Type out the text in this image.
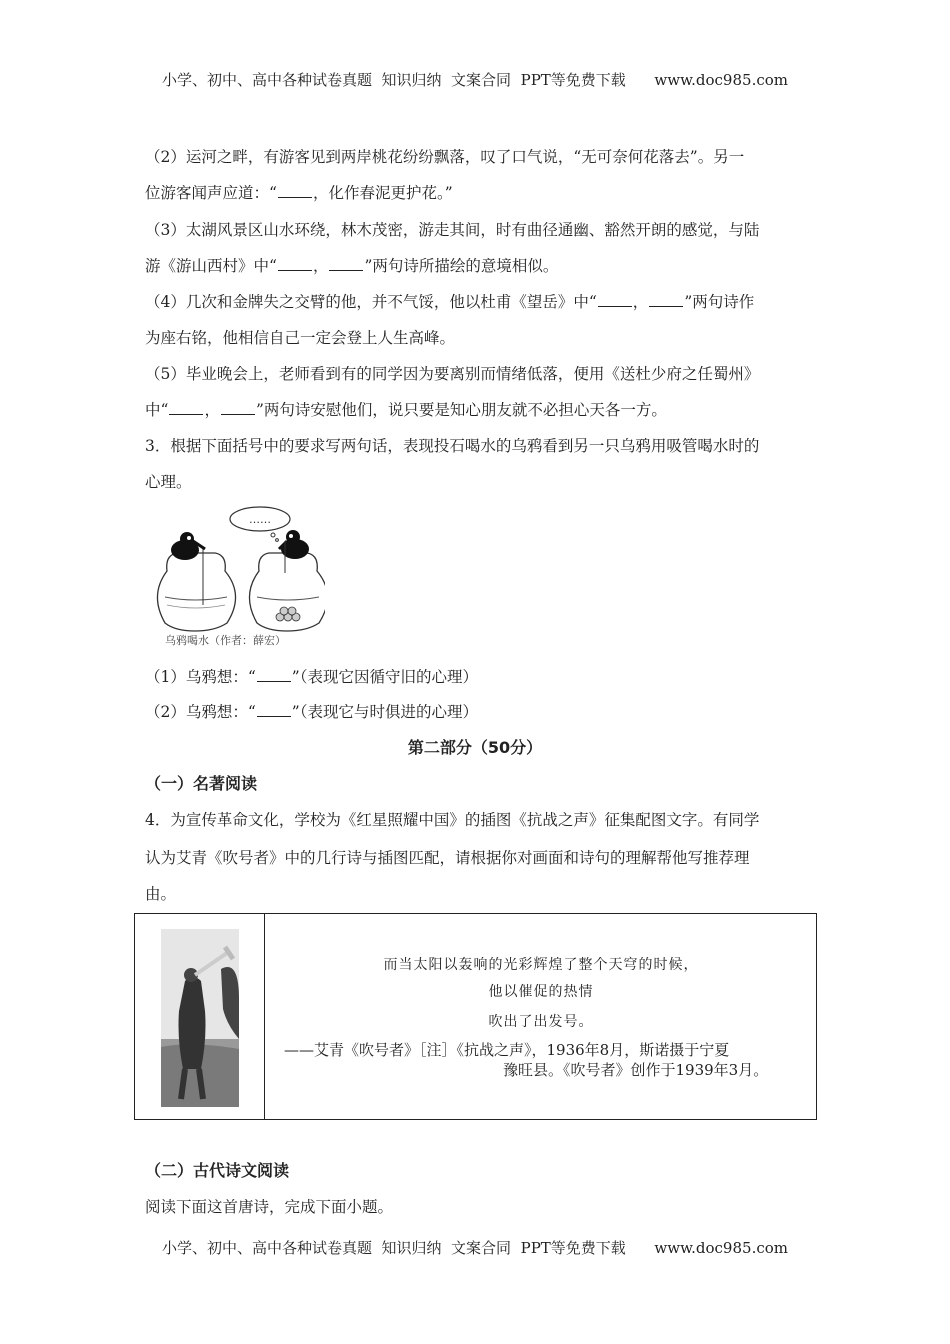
小学、初中、高中各种试卷真题  知识归纳  文案合同  PPT等免费下载      www.doc985.com
（2）运河之畔，有游客见到两岸桃花纷纷飘落，叹了口气说，“无可奈何花落去”。另一
位游客闻声应道：“ ，化作春泥更护花。”
（3）太湖风景区山水环绕，林木茂密，游走其间，时有曲径通幽、豁然开朗的感觉，与陆
游《游山西村》中“ ， ”两句诗所描绘的意境相似。
（4）几次和金牌失之交臂的他，并不气馁，他以杜甫《望岳》中“ ， ”两句诗作
为座右铭，他相信自己一定会登上人生高峰。
（5）毕业晚会上，老师看到有的同学因为要离别而情绪低落，便用《送杜少府之任蜀州》
中“ ， ”两句诗安慰他们，说只要是知心朋友就不必担心天各一方。
3．根据下面括号中的要求写两句话，表现投石喝水的乌鸦看到另一只乌鸦用吸管喝水时的
心理。
……
乌鸦喝水（作者：薛宏）
（1）乌鸦想：“ ”（表现它因循守旧的心理）
（2）乌鸦想：“ ”（表现它与时俱进的心理）
第二部分（50分）
（一）名著阅读
4．为宣传革命文化，学校为《红星照耀中国》的插图《抗战之声》征集配图文字。有同学
认为艾青《吹号者》中的几行诗与插图匹配，请根据你对画面和诗句的理解帮他写推荐理
由。
而当太阳以轰响的光彩辉煌了整个天穹的时候，
他以催促的热情
吹出了出发号。
——艾青《吹号者》［注］《抗战之声》，1936年8月，斯诺摄于宁夏
豫旺县。《吹号者》创作于1939年3月。
（二）古代诗文阅读
阅读下面这首唐诗，完成下面小题。
小学、初中、高中各种试卷真题  知识归纳  文案合同  PPT等免费下载      www.doc985.com
